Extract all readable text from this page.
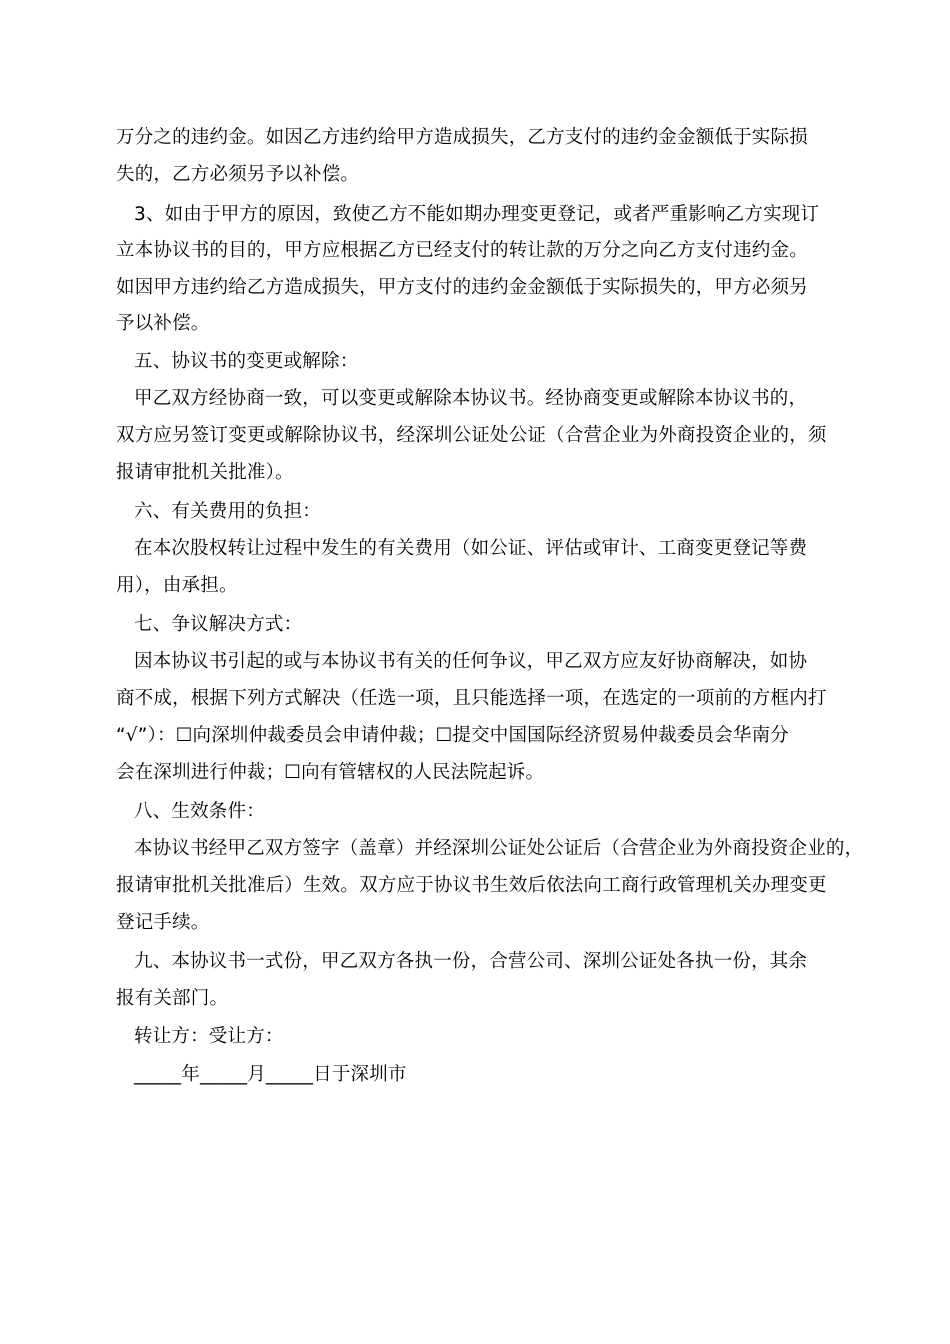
万分之的违约金。如因乙方违约给甲方造成损失，乙方支付的违约金金额低于实际损
失的，乙方必须另予以补偿。
3、如由于甲方的原因，致使乙方不能如期办理变更登记，或者严重影响乙方实现订
立本协议书的目的，甲方应根据乙方已经支付的转让款的万分之向乙方支付违约金。
如因甲方违约给乙方造成损失，甲方支付的违约金金额低于实际损失的，甲方必须另
予以补偿。
五、协议书的变更或解除：
甲乙双方经协商一致，可以变更或解除本协议书。经协商变更或解除本协议书的，
双方应另签订变更或解除协议书，经深圳公证处公证（合营企业为外商投资企业的，须
报请审批机关批准）。
六、有关费用的负担：
在本次股权转让过程中发生的有关费用（如公证、评估或审计、工商变更登记等费
用），由承担。
七、争议解决方式：
因本协议书引起的或与本协议书有关的任何争议，甲乙双方应友好协商解决，如协
商不成，根据下列方式解决（任选一项，且只能选择一项，在选定的一项前的方框内打
“√”）：☐向深圳仲裁委员会申请仲裁；☐提交中国国际经济贸易仲裁委员会华南分
会在深圳进行仲裁；☐向有管辖权的人民法院起诉。
八、生效条件：
本协议书经甲乙双方签字（盖章）并经深圳公证处公证后（合营企业为外商投资企业的，
报请审批机关批准后）生效。双方应于协议书生效后依法向工商行政管理机关办理变更
登记手续。
九、本协议书一式份，甲乙双方各执一份，合营公司、深圳公证处各执一份，其余
报有关部门。
转让方：受让方：
_____年_____月_____日于深圳市
